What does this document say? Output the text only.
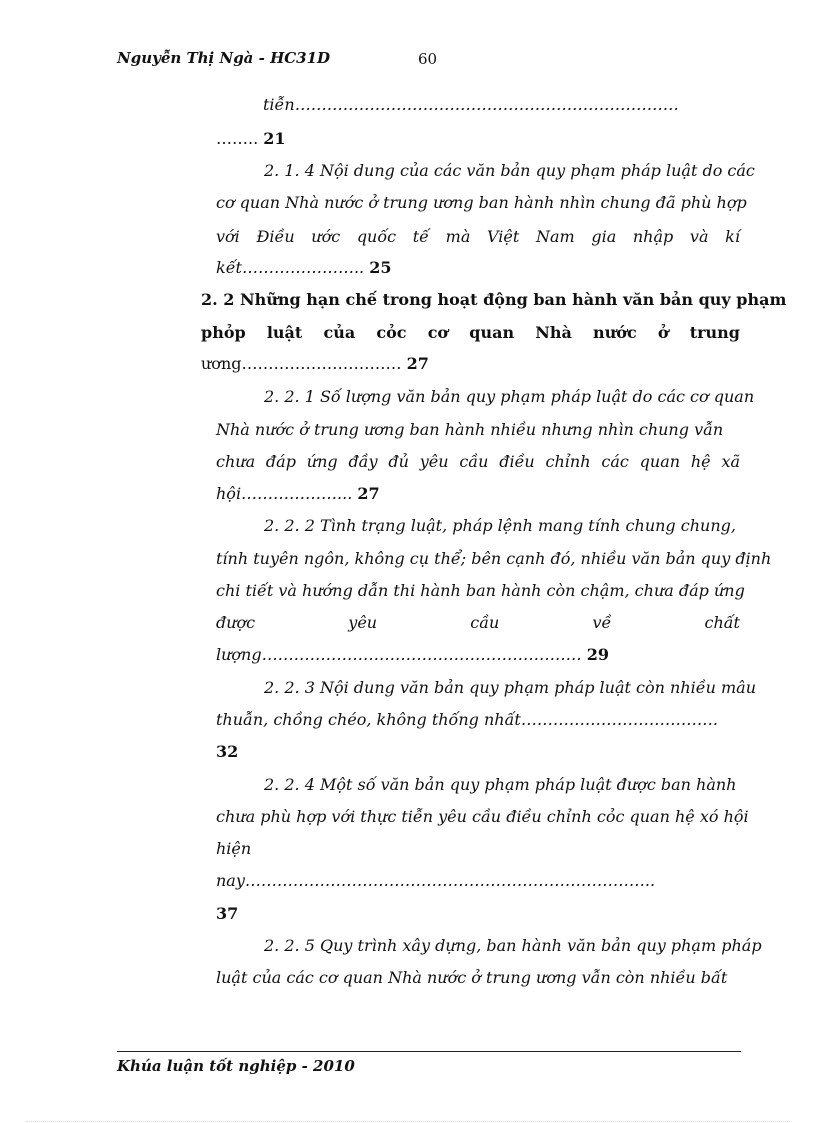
Nguyễn Thị Ngà - HC31D	60
tiễn………………………………………………………………
…….. 21
2. 1. 4 Nội dung của các văn bản quy phạm pháp luật do các
cơ quan Nhà nước ở trung ương ban hành nhìn chung đã phù hợp
với Điều ước quốc tế mà Việt Nam gia nhập và kí
kết………………….. 25
2. 2 Những hạn chế trong hoạt động ban hành văn bản quy phạm
phỏp luật của cỏc cơ quan Nhà nước ở trung
ương………………………… 27
2. 2. 1 Số lượng văn bản quy phạm pháp luật do các cơ quan
Nhà nước ở trung ương ban hành nhiều nhưng nhìn chung vẫn
chưa đáp ứng đầy đủ yêu cầu điều chỉnh các quan hệ xã
hội………………... 27
2. 2. 2 Tình trạng luật, pháp lệnh mang tính chung chung,
tính tuyên ngôn, không cụ thể; bên cạnh đó, nhiều văn bản quy định
chi tiết và hướng dẫn thi hành ban hành còn chậm, chưa đáp ứng
được	yêu	cầu	về	chất
lượng…………………………………………………… 29
2. 2. 3 Nội dung văn bản quy phạm pháp luật còn nhiều mâu
thuẫn, chồng chéo, không thống nhất……………………………….
32
2. 2. 4 Một số văn bản quy phạm pháp luật được ban hành
chưa phù hợp với thực tiễn yêu cầu điều chỉnh cỏc quan hệ xó hội
hiện
nay…………………………………………………………………..
37
2. 2. 5 Quy trình xây dựng, ban hành văn bản quy phạm pháp
luật của các cơ quan Nhà nước ở trung ương vẫn còn nhiều bất
Khúa luận tốt nghiệp - 2010
